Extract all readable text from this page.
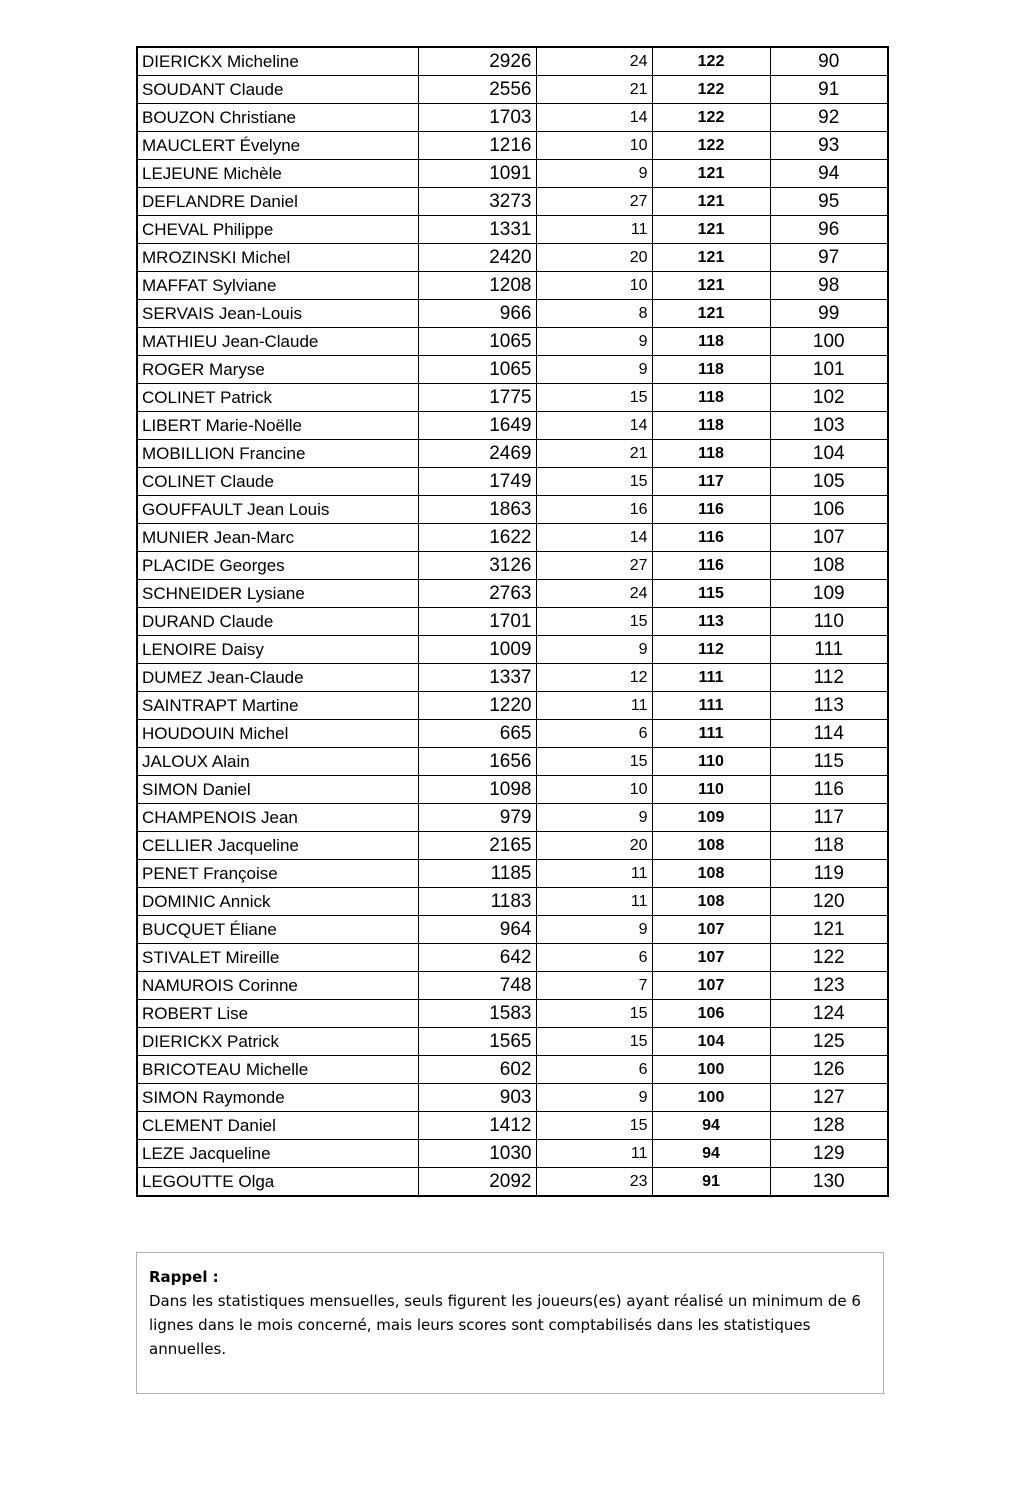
DIERICKX Micheline	2926	24	122	90
SOUDANT Claude	2556	21	122	91
BOUZON Christiane	1703	14	122	92
MAUCLERT Évelyne	1216	10	122	93
LEJEUNE Michèle	1091	9	121	94
DEFLANDRE Daniel	3273	27	121	95
CHEVAL Philippe	1331	11	121	96
MROZINSKI Michel	2420	20	121	97
MAFFAT Sylviane	1208	10	121	98
SERVAIS Jean-Louis	966	8	121	99
MATHIEU Jean-Claude	1065	9	118	100
ROGER Maryse	1065	9	118	101
COLINET Patrick	1775	15	118	102
LIBERT Marie-Noëlle	1649	14	118	103
MOBILLION Francine	2469	21	118	104
COLINET Claude	1749	15	117	105
GOUFFAULT Jean Louis	1863	16	116	106
MUNIER Jean-Marc	1622	14	116	107
PLACIDE Georges	3126	27	116	108
SCHNEIDER Lysiane	2763	24	115	109
DURAND Claude	1701	15	113	110
LENOIRE Daisy	1009	9	112	111
DUMEZ Jean-Claude	1337	12	111	112
SAINTRAPT Martine	1220	11	111	113
HOUDOUIN Michel	665	6	111	114
JALOUX Alain	1656	15	110	115
SIMON Daniel	1098	10	110	116
CHAMPENOIS Jean	979	9	109	117
CELLIER Jacqueline	2165	20	108	118
PENET Françoise	1185	11	108	119
DOMINIC Annick	1183	11	108	120
BUCQUET Éliane	964	9	107	121
STIVALET Mireille	642	6	107	122
NAMUROIS Corinne	748	7	107	123
ROBERT Lise	1583	15	106	124
DIERICKX Patrick	1565	15	104	125
BRICOTEAU Michelle	602	6	100	126
SIMON Raymonde	903	9	100	127
CLEMENT Daniel	1412	15	94	128
LEZE Jacqueline	1030	11	94	129
LEGOUTTE Olga	2092	23	91	130
Rappel :
Dans les statistiques mensuelles, seuls figurent les joueurs(es) ayant réalisé un minimum de 6 lignes dans le mois concerné, mais leurs scores sont comptabilisés dans les statistiques annuelles.
